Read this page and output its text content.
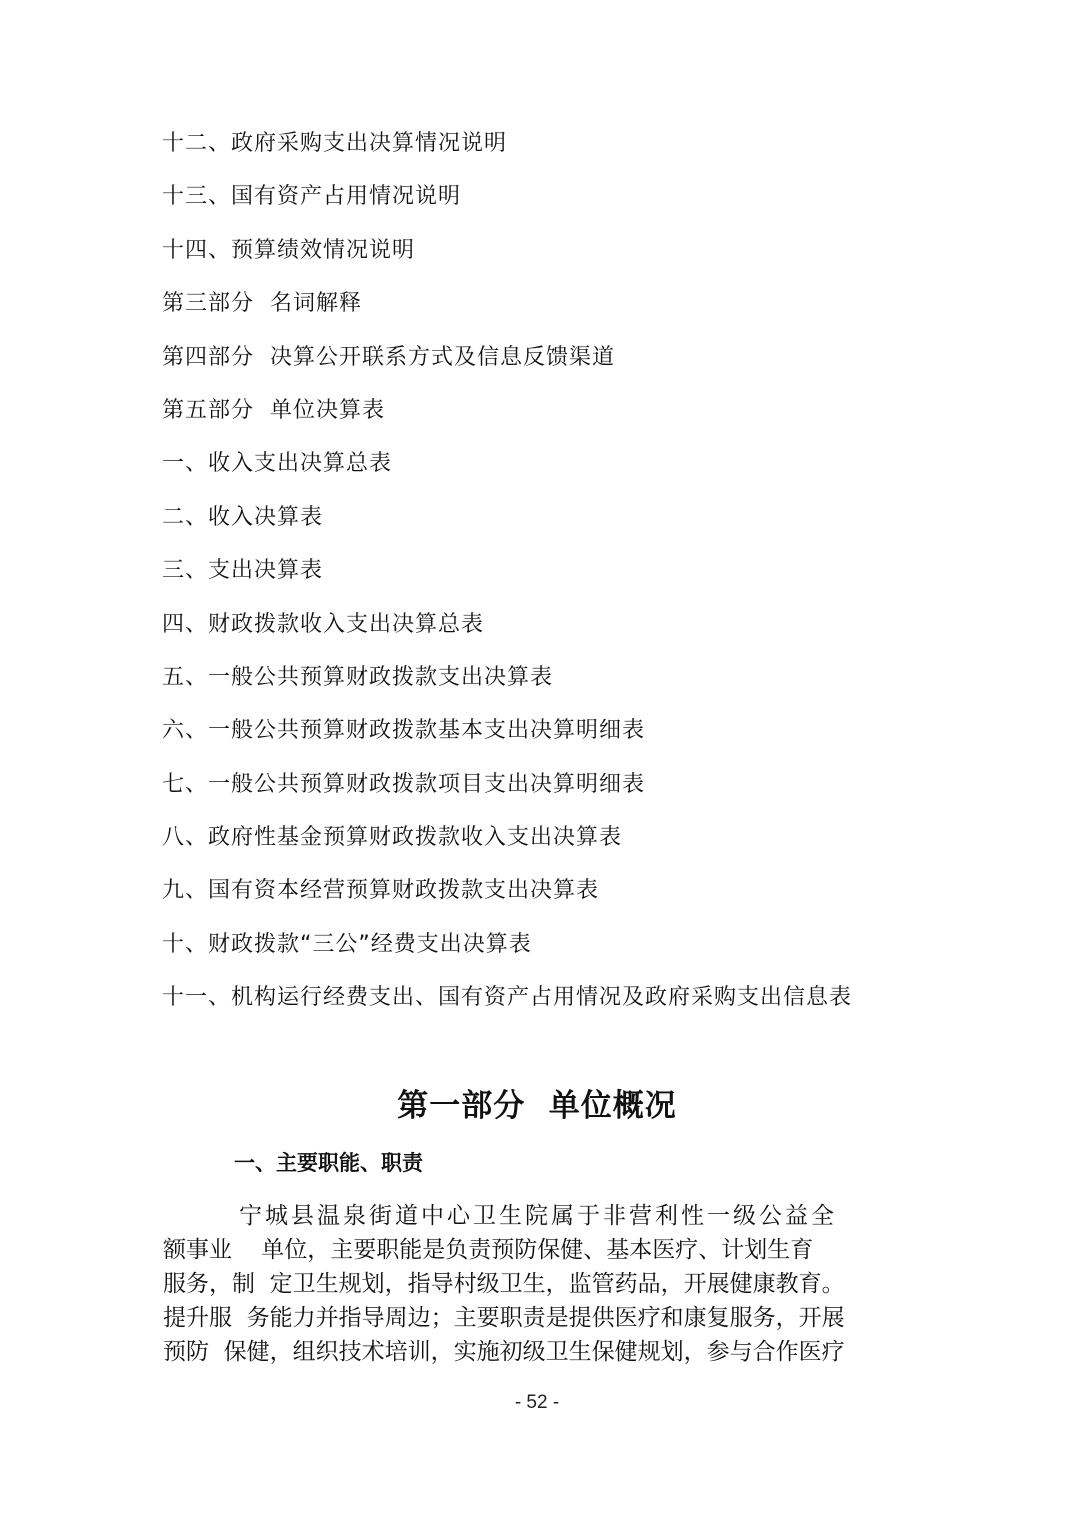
十二、政府采购支出决算情况说明
十三、国有资产占用情况说明
十四、预算绩效情况说明
第三部分  名词解释
第四部分  决算公开联系方式及信息反馈渠道
第五部分  单位决算表
一、收入支出决算总表
二、收入决算表
三、支出决算表
四、财政拨款收入支出决算总表
五、一般公共预算财政拨款支出决算表
六、一般公共预算财政拨款基本支出决算明细表
七、一般公共预算财政拨款项目支出决算明细表
八、政府性基金预算财政拨款收入支出决算表
九、国有资本经营预算财政拨款支出决算表
十、财政拨款“三公”经费支出决算表
十一、机构运行经费支出、国有资产占用情况及政府采购支出信息表
第一部分  单位概况
一、主要职能、职责
宁城县温泉街道中心卫生院属于非营利性一级公益全
额事业    单位，主要职能是负责预防保健、基本医疗、计划生育
服务，制  定卫生规划，指导村级卫生，监管药品，开展健康教育。
提升服  务能力并指导周边；主要职责是提供医疗和康复服务，开展
预防  保健，组织技术培训，实施初级卫生保健规划，参与合作医疗
- 52 -
